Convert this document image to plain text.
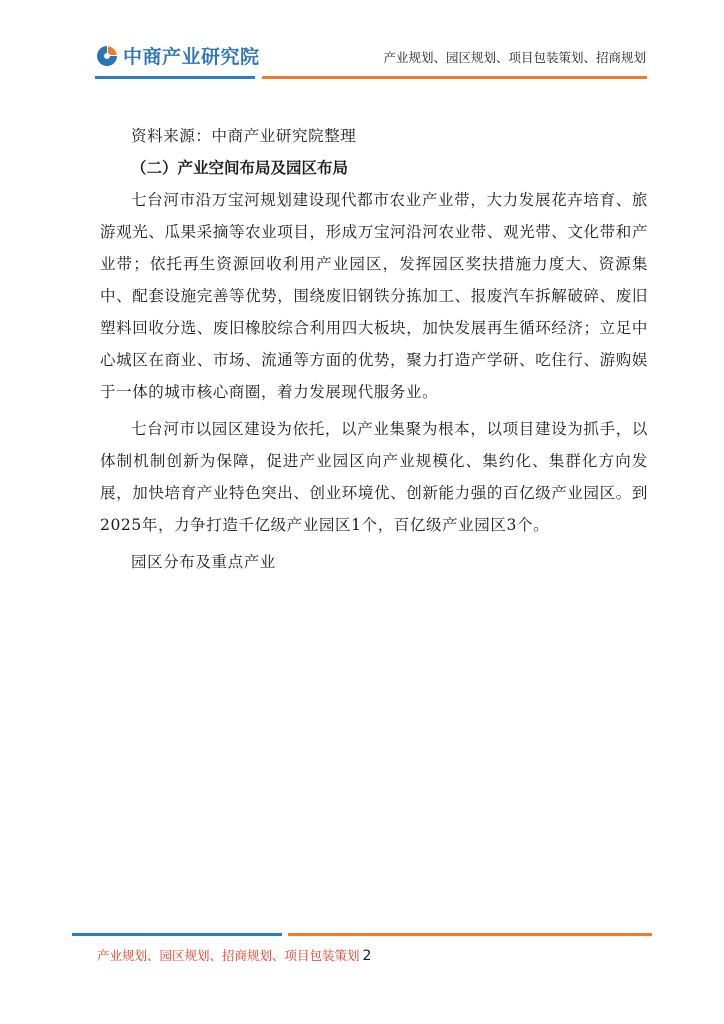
中商产业研究院	产业规划、园区规划、项目包装策划、招商规划

资料来源：中商产业研究院整理

（二）产业空间布局及园区布局

七台河市沿万宝河规划建设现代都市农业产业带，大力发展花卉培育、旅游观光、瓜果采摘等农业项目，形成万宝河沿河农业带、观光带、文化带和产业带；依托再生资源回收利用产业园区，发挥园区奖扶措施力度大、资源集中、配套设施完善等优势，围绕废旧钢铁分拣加工、报废汽车拆解破碎、废旧塑料回收分选、废旧橡胶综合利用四大板块，加快发展再生循环经济；立足中心城区在商业、市场、流通等方面的优势，聚力打造产学研、吃住行、游购娱于一体的城市核心商圈，着力发展现代服务业。

七台河市以园区建设为依托，以产业集聚为根本，以项目建设为抓手，以体制机制创新为保障，促进产业园区向产业规模化、集约化、集群化方向发展，加快培育产业特色突出、创业环境优、创新能力强的百亿级产业园区。到2025年，力争打造千亿级产业园区1个，百亿级产业园区3个。

园区分布及重点产业

产业规划、园区规划、招商规划、项目包装策划 2
